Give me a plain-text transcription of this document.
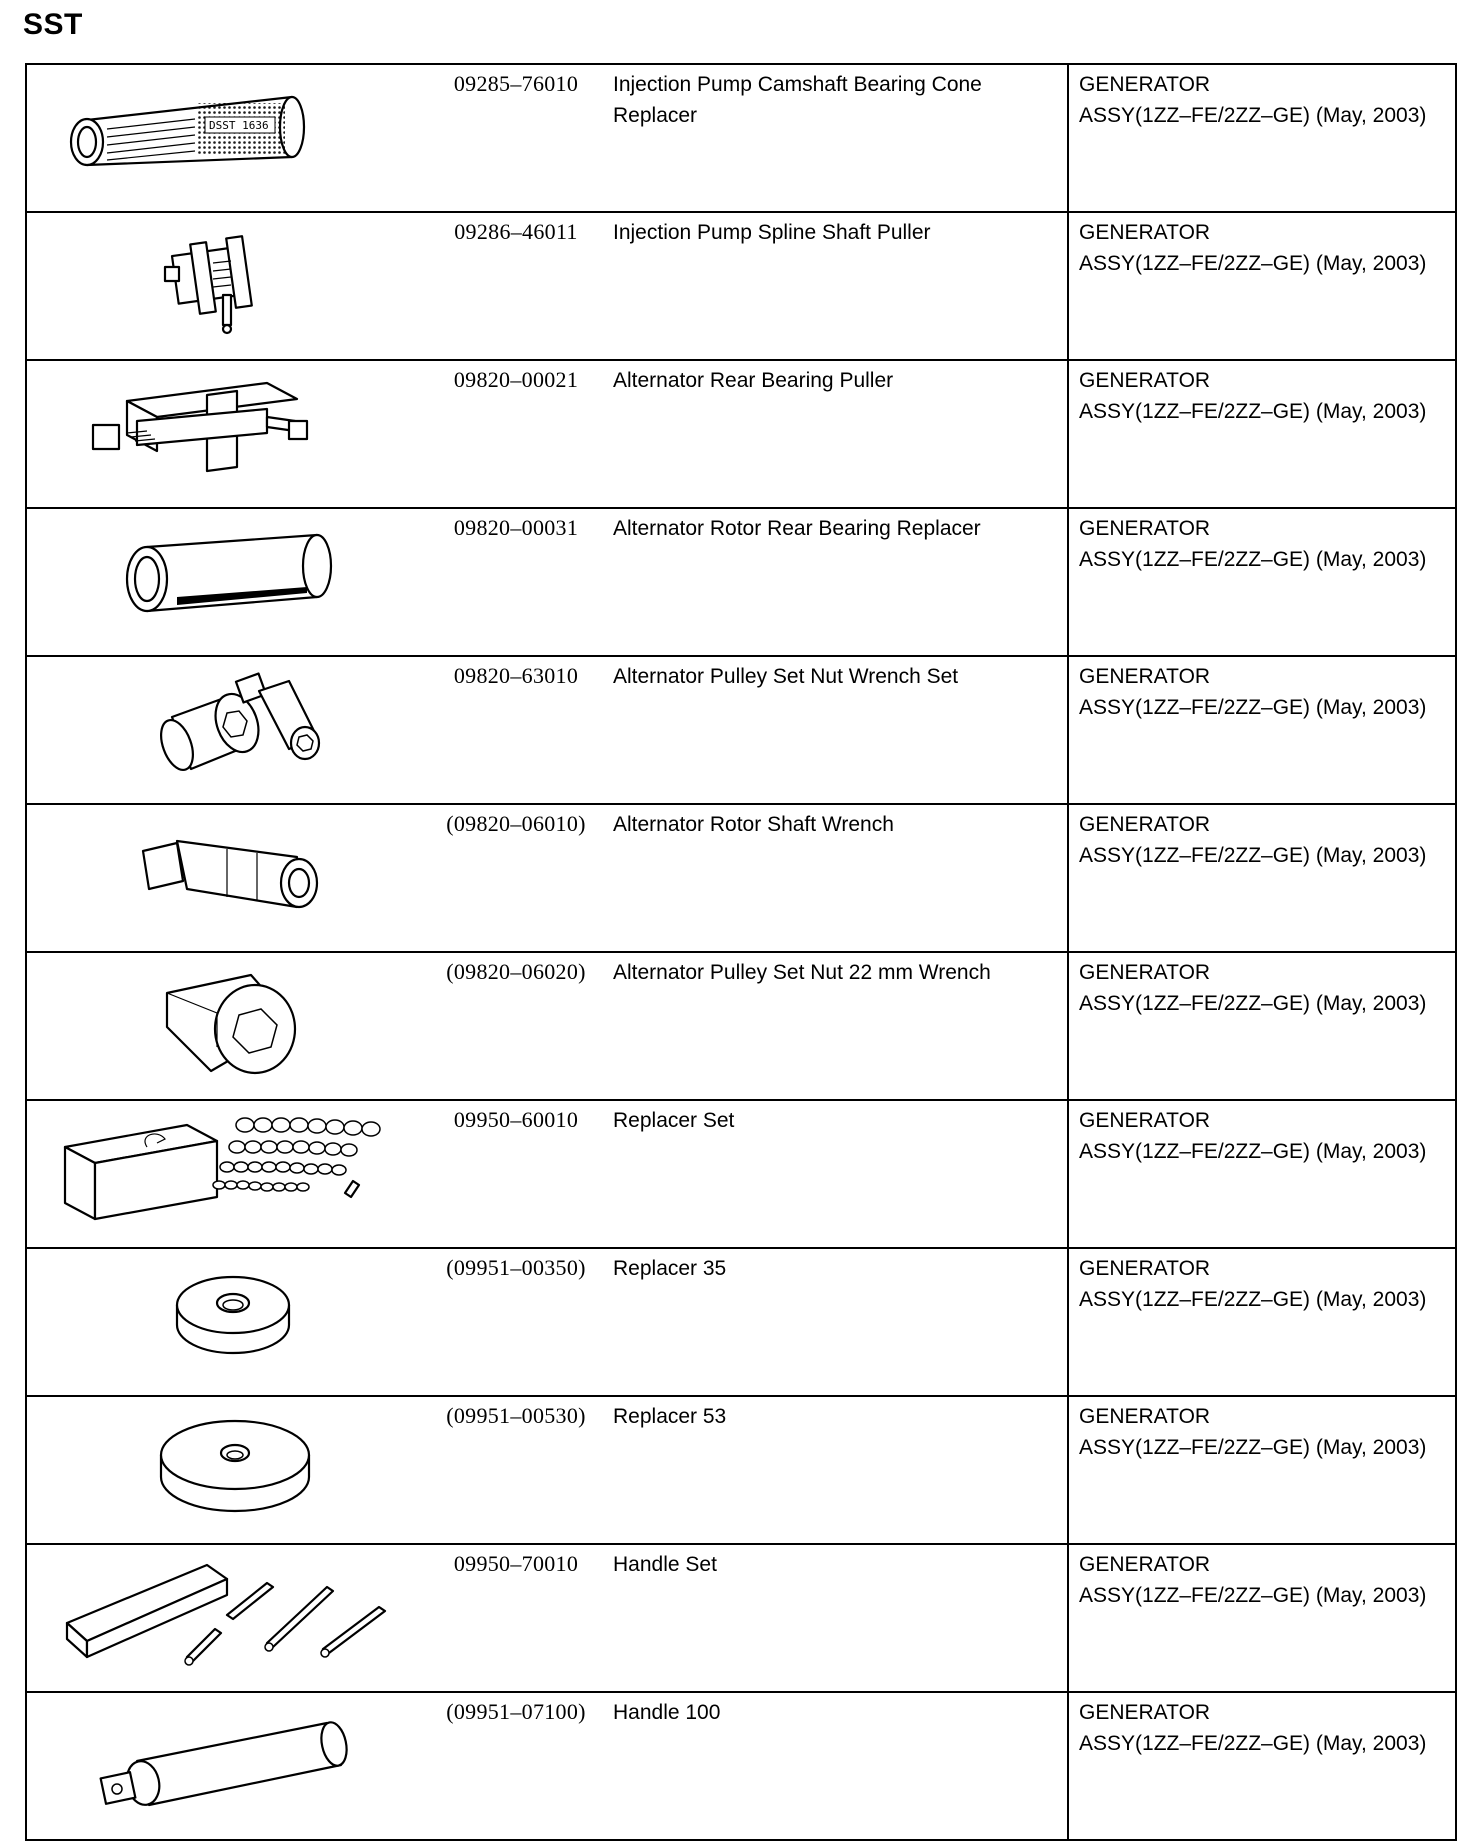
SST
DSST 1636	09285–76010	Injection Pump Camshaft Bearing Cone Replacer	GENERATOR
ASSY(1ZZ–FE/2ZZ–GE) (May, 2003)

	09286–46011	Injection Pump Spline Shaft Puller	GENERATOR
ASSY(1ZZ–FE/2ZZ–GE) (May, 2003)

	09820–00021	Alternator Rear Bearing Puller	GENERATOR
ASSY(1ZZ–FE/2ZZ–GE) (May, 2003)

	09820–00031	Alternator Rotor Rear Bearing Replacer	GENERATOR
ASSY(1ZZ–FE/2ZZ–GE) (May, 2003)

	09820–63010	Alternator Pulley Set Nut Wrench Set	GENERATOR
ASSY(1ZZ–FE/2ZZ–GE) (May, 2003)

	(09820–06010)	Alternator Rotor Shaft Wrench	GENERATOR
ASSY(1ZZ–FE/2ZZ–GE) (May, 2003)

	(09820–06020)	Alternator Pulley Set Nut 22 mm Wrench	GENERATOR
ASSY(1ZZ–FE/2ZZ–GE) (May, 2003)

	09950–60010	Replacer Set	GENERATOR
ASSY(1ZZ–FE/2ZZ–GE) (May, 2003)

	(09951–00350)	Replacer 35	GENERATOR
ASSY(1ZZ–FE/2ZZ–GE) (May, 2003)

	(09951–00530)	Replacer 53	GENERATOR
ASSY(1ZZ–FE/2ZZ–GE) (May, 2003)

	09950–70010	Handle Set	GENERATOR
ASSY(1ZZ–FE/2ZZ–GE) (May, 2003)

	(09951–07100)	Handle 100	GENERATOR
ASSY(1ZZ–FE/2ZZ–GE) (May, 2003)
